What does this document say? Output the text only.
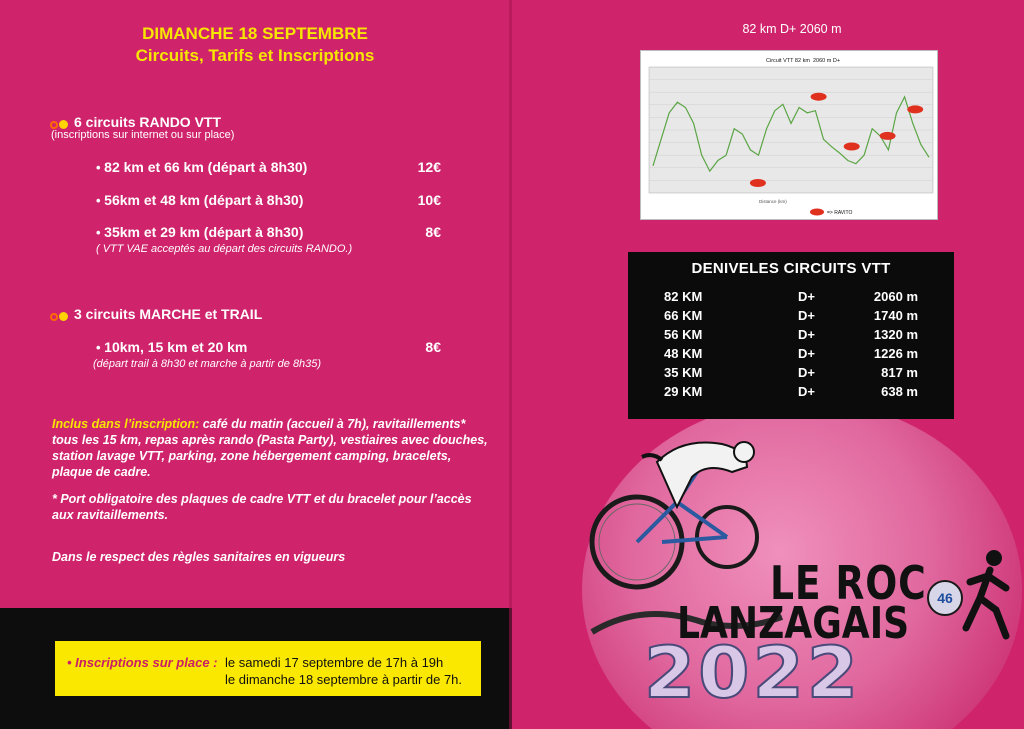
DIMANCHE 18 SEPTEMBRE
Circuits, Tarifs et Inscriptions
6 circuits RANDO VTT
(inscriptions sur internet ou sur place)
• 82 km et 66 km (départ à 8h30)	12€
• 56km et 48 km (départ à 8h30)	10€
• 35km et 29 km (départ à 8h30)	8€
( VTT VAE acceptés au départ des circuits RANDO.)
3 circuits MARCHE et TRAIL
• 10km, 15 km et 20 km	8€
(départ trail à 8h30 et marche à partir de 8h35)
Inclus dans l’inscription: café du matin (accueil à 7h), ravitaillements*
tous les 15 km, repas après rando (Pasta Party), vestiaires avec douches,
station lavage VTT, parking, zone hébergement camping, bracelets,
plaque de cadre.
* Port obligatoire des plaques de cadre VTT et du bracelet pour l’accès
aux ravitaillements.
Dans le respect des règles sanitaires en vigueurs
• Inscriptions sur place : le samedi 17 septembre de 17h à 19h
le dimanche 18 septembre à partir de 7h.
82 km D+ 2060 m
Circuit VTT 82 km 2060 m D+
Distance (km)
=> RAVITO
DENIVELES CIRCUITS VTT
82 KM	D+	2060 m
66 KM	D+	1740 m
56 KM	D+	1320 m
48 KM	D+	1226 m
35 KM	D+	817 m
29 KM	D+	638 m
LE ROC
LANZAGAIS	46
2022
